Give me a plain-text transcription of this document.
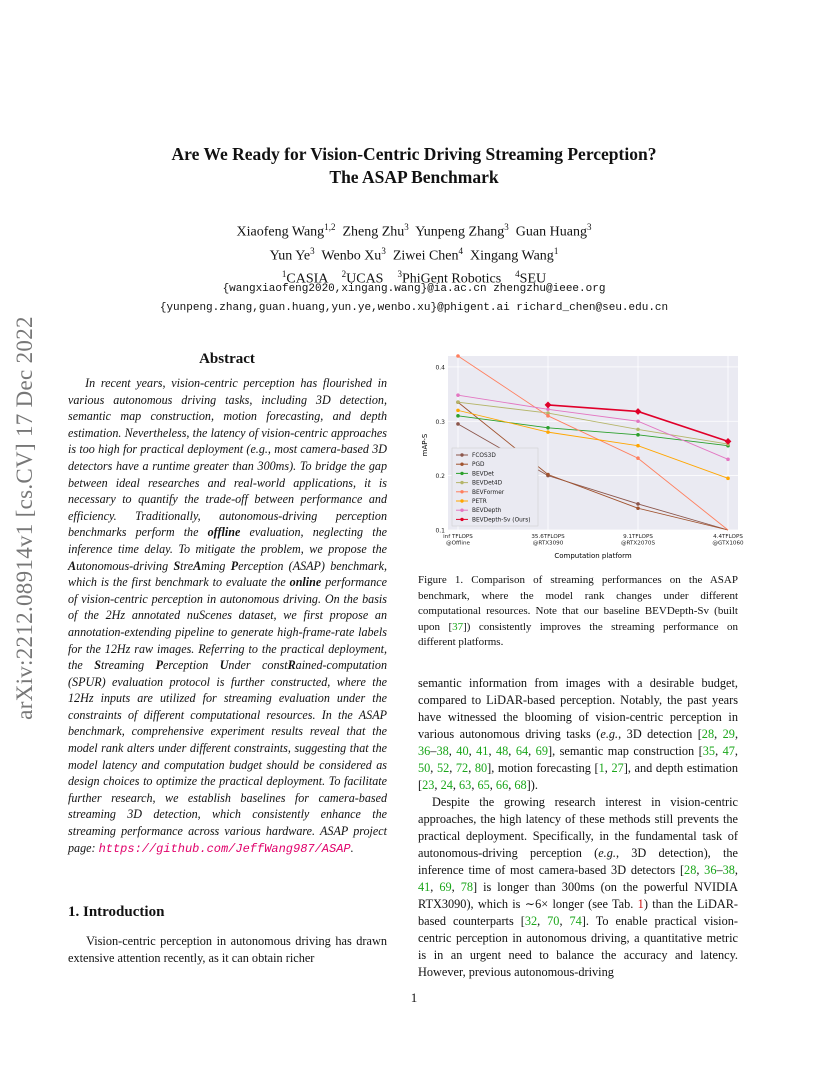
arXiv:2212.08914v1 [cs.CV] 17 Dec 2022
Are We Ready for Vision-Centric Driving Streaming Perception?
The ASAP Benchmark
Xiaofeng Wang$^{1,2}$  Zheng Zhu$^3$  Yunpeng Zhang$^3$  Guan Huang$^3$
Yun Ye$^3$  Wenbo Xu$^3$  Ziwei Chen$^4$  Xingang Wang$^1$
$^1$CASIA    $^2$UCAS    $^3$PhiGent Robotics    $^4$SEU
{wangxiaofeng2020,xingang.wang}@ia.ac.cn zhengzhu@ieee.org
{yunpeng.zhang,guan.huang,yun.ye,wenbo.xu}@phigent.ai richard_chen@seu.edu.cn
Abstract
In recent years, vision-centric perception has flourished in various autonomous driving tasks, including 3D detection, semantic map construction, motion forecasting, and depth estimation. Nevertheless, the latency of vision-centric approaches is too high for practical deployment (e.g., most camera-based 3D detectors have a runtime greater than 300ms). To bridge the gap between ideal researches and real-world applications, it is necessary to quantify the trade-off between performance and efficiency. Traditionally, autonomous-driving perception benchmarks perform the offline evaluation, neglecting the inference time delay. To mitigate the problem, we propose the Autonomous-driving StreAming Perception (ASAP) benchmark, which is the first benchmark to evaluate the online performance of vision-centric perception in autonomous driving. On the basis of the 2Hz annotated nuScenes dataset, we first propose an annotation-extending pipeline to generate high-frame-rate labels for the 12Hz raw images. Referring to the practical deployment, the Streaming Perception Under constRained-computation (SPUR) evaluation protocol is further constructed, where the 12Hz inputs are utilized for streaming evaluation under the constraints of different computational resources. In the ASAP benchmark, comprehensive experiment results reveal that the model rank alters under different constraints, suggesting that the model latency and computation budget should be considered as design choices to optimize the practical deployment. To facilitate further research, we establish baselines for camera-based streaming 3D detection, which consistently enhance the streaming performance across various hardware. ASAP project page: https://github.com/JeffWang987/ASAP.
1. Introduction
Vision-centric perception in autonomous driving has drawn extensive attention recently, as it can obtain richer
0.1
0.2
0.3
0.4
inf TFLOPS
@Offline
35.6TFLOPS
@RTX3090
9.1TFLOPS
@RTX2070S
4.4TFLOPS
@GTX1060
mAP-S
Computation platform
FCOS3D
PGD
BEVDet
BEVDet4D
BEVFormer
PETR
BEVDepth
BEVDepth-Sv (Ours)
Figure 1. Comparison of streaming performances on the ASAP benchmark, where the model rank changes under different computational resources. Note that our baseline BEVDepth-Sv (built upon [37]) consistently improves the streaming performance on different platforms.

semantic information from images with a desirable budget, compared to LiDAR-based perception. Notably, the past years have witnessed the blooming of vision-centric perception in various autonomous driving tasks (e.g., 3D detection [28, 29, 36–38, 40, 41, 48, 64, 69], semantic map construction [35, 47, 50, 52, 72, 80], motion forecasting [1, 27], and depth estimation [23, 24, 63, 65, 66, 68]).

Despite the growing research interest in vision-centric approaches, the high latency of these methods still prevents the practical deployment. Specifically, in the fundamental task of autonomous-driving perception (e.g., 3D detection), the inference time of most camera-based 3D detectors [28, 36–38, 41, 69, 78] is longer than 300ms (on the powerful NVIDIA RTX3090), which is ∼6× longer (see Tab. 1) than the LiDAR-based counterparts [32, 70, 74]. To enable practical vision-centric perception in autonomous driving, a quantitative metric is in an urgent need to balance the accuracy and latency. However, previous autonomous-driving

1
